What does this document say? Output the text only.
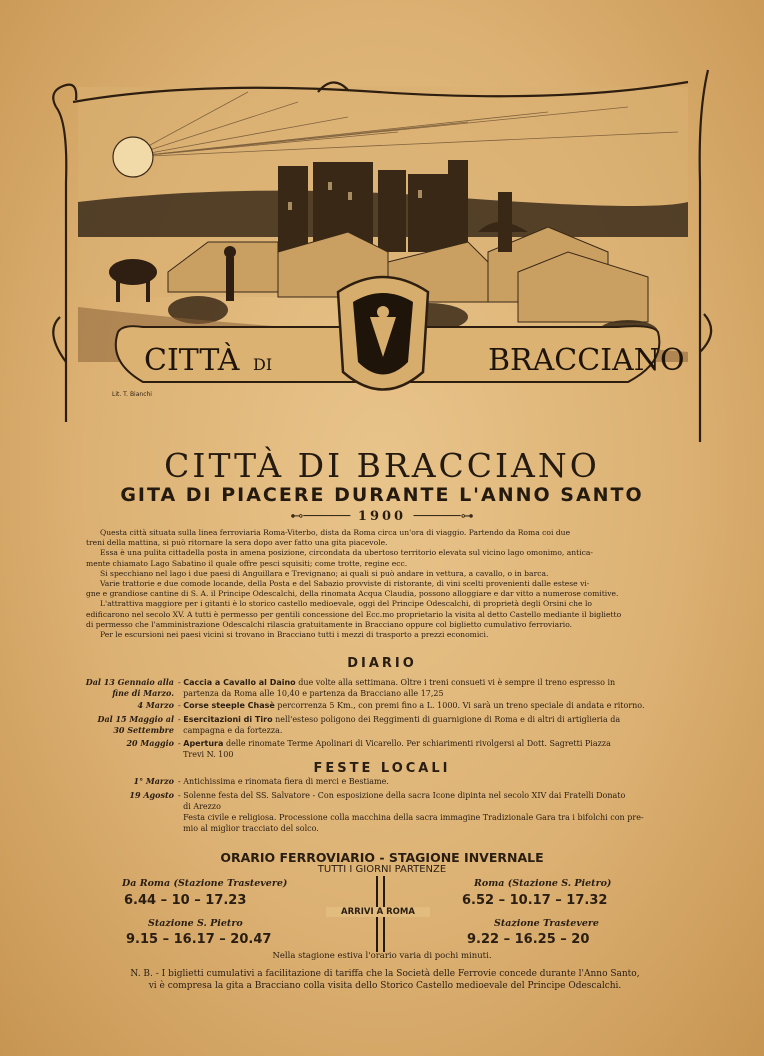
CITTÀ DI	BRACCIANO
Lit. T. Bianchi
CITTÀ DI BRACCIANO
GITA DI PIACERE DURANTE L'ANNO SANTO
⊷────── 1900 ──────⊶

Questa città situata sulla linea ferroviaria Roma-Viterbo, dista da Roma circa un'ora di viaggio. Partendo da Roma coi due

treni della mattina, si può ritornare la sera dopo aver fatto una gita piacevole.

Essa è una pulita cittadella posta in amena posizione, circondata da ubertoso territorio elevata sul vicino lago omonimo, antica-

mente chiamato Lago Sabatino il quale offre pesci squisiti; come trotte, regine ecc.

Si specchiano nel lago i due paesi di Anguillara e Trevignano; ai quali si può andare in vettura, a cavallo, o in barca.

Varie trattorie e due comode locande, della Posta e del Sabazio provviste di ristorante, di vini scelti provenienti dalle estese vi-

gne e grandiose cantine di S. A. il Principe Odescalchi, della rinomata Acqua Claudia, possono alloggiare e dar vitto a numerose comitive.

L'attrattiva maggiore per i gitanti è lo storico castello medioevale, oggi del Principe Odescalchi, di proprietà degli Orsini che lo

edificarono nel secolo XV. A tutti è permesso per gentili concessione del Ecc.mo proprietario la visita al detto Castello mediante il biglietto

di permesso che l'amministrazione Odescalchi rilascia gratuitamente in Bracciano oppure col biglietto cumulativo ferroviario.

Per le escursioni nei paesi vicini si trovano in Bracciano tutti i mezzi di trasporto a prezzi economici.

DIARIO
Dal 13 Gennaio alla
fine di Marzo.
- Caccia a Cavallo al Daino due volte alla settimana. Oltre i treni consueti vi è sempre il treno espresso in
partenza da Roma alle 10,40 e partenza da Bracciano alle 17,25
4 Marzo - Corse steeple Chasè percorrenza 5 Km., con premi fino a L. 1000. Vi sarà un treno speciale di andata e ritorno.
Dal 15 Maggio al
30 Settembre
- Esercitazioni di Tiro nell'esteso poligono dei Reggimenti di guarnigione di Roma e di altri di artiglieria da
campagna e da fortezza.
20 Maggio - Apertura delle rinomate Terme Apolinari di Vicarello. Per schiarimenti rivolgersi al Dott. Sagretti Piazza
Trevi N. 100
FESTE LOCALI
1° Marzo - Antichissima e rinomata fiera di merci e Bestiame.
19 Agosto - Solenne festa del SS. Salvatore - Con esposizione della sacra Icone dipinta nel secolo XIV dai Fratelli Donato
di Arezzo
Festa civile e religiosa. Processione colla macchina della sacra immagine Tradizionale Gara tra i bifolchi con pre-
mio al miglior tracciato del solco.
ORARIO FERROVIARIO - STAGIONE INVERNALE
TUTTI I GIORNI PARTENZE
Da Roma (Stazione Trastevere)
6.44 – 10 – 17.23
Stazione S. Pietro
9.15 – 16.17 – 20.47
ARRIVI A ROMA
Roma (Stazione S. Pietro)
6.52 – 10.17 – 17.32
Stazione Trastevere
9.22 – 16.25 – 20
Nella stagione estiva l'orario varia di pochi minuti.
N. B. - I biglietti cumulativi a facilitazione di tariffa che la Società delle Ferrovie concede durante l'Anno Santo,
vi è compresa la gita a Bracciano colla visita dello Storico Castello medioevale del Principe Odescalchi.
